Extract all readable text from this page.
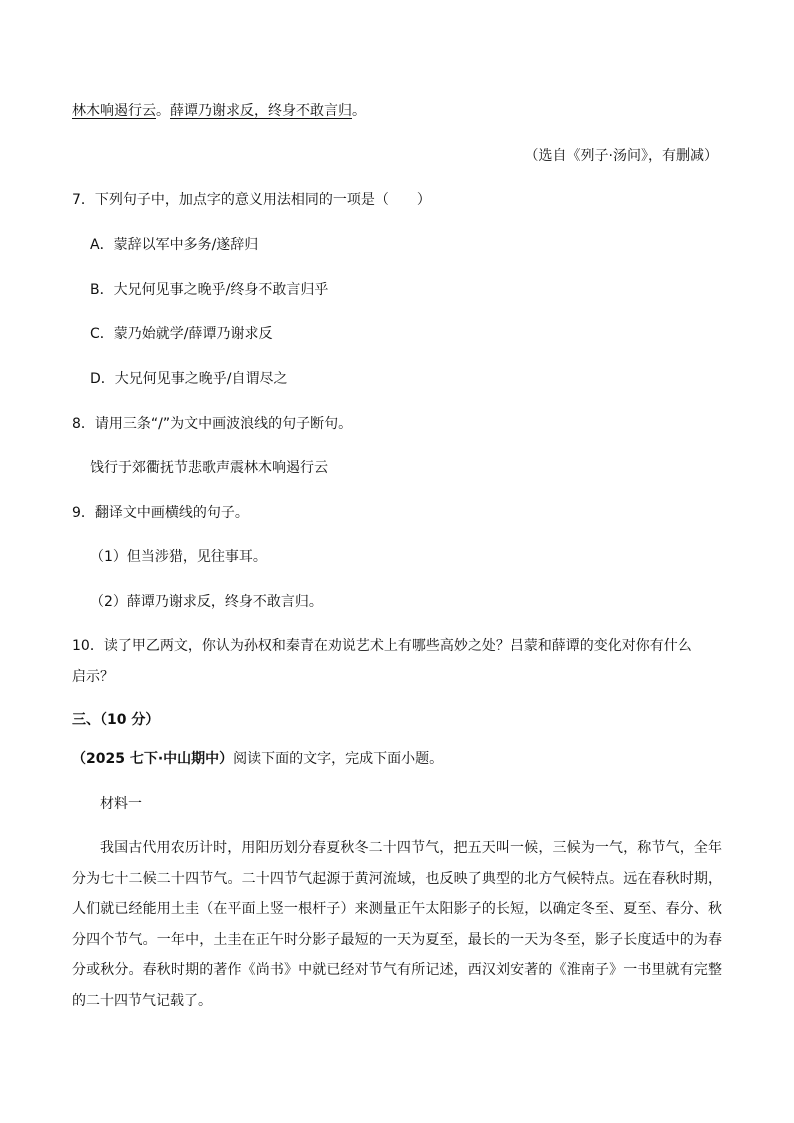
林木响遏行云。薛谭乃谢求反，终身不敢言归。
（选自《列子·汤问》，有删减）
7．下列句子中，加点字的意义用法相同的一项是（　　）
A．蒙辞以军中多务/遂辞归
B．大兄何见事之晚乎/终身不敢言归乎
C．蒙乃始就学/薛谭乃谢求反
D．大兄何见事之晚乎/自谓尽之
8．请用三条“/”为文中画波浪线的句子断句。
饯行于郊衢抚节悲歌声震林木响遏行云
9．翻译文中画横线的句子。
（1）但当涉猎，见往事耳。
（2）薛谭乃谢求反，终身不敢言归。
10．读了甲乙两文，你认为孙权和秦青在劝说艺术上有哪些高妙之处？吕蒙和薛谭的变化对你有什么
启示？
三、（10 分）
（2025 七下·中山期中）阅读下面的文字，完成下面小题。
材料一
我国古代用农历计时，用阳历划分春夏秋冬二十四节气，把五天叫一候，三候为一气，称节气，全年分为七十二候二十四节气。二十四节气起源于黄河流域，也反映了典型的北方气候特点。远在春秋时期，人们就已经能用土圭（在平面上竖一根杆子）来测量正午太阳影子的长短，以确定冬至、夏至、春分、秋分四个节气。一年中，土圭在正午时分影子最短的一天为夏至，最长的一天为冬至，影子长度适中的为春分或秋分。春秋时期的著作《尚书》中就已经对节气有所记述，西汉刘安著的《淮南子》一书里就有完整的二十四节气记载了。
